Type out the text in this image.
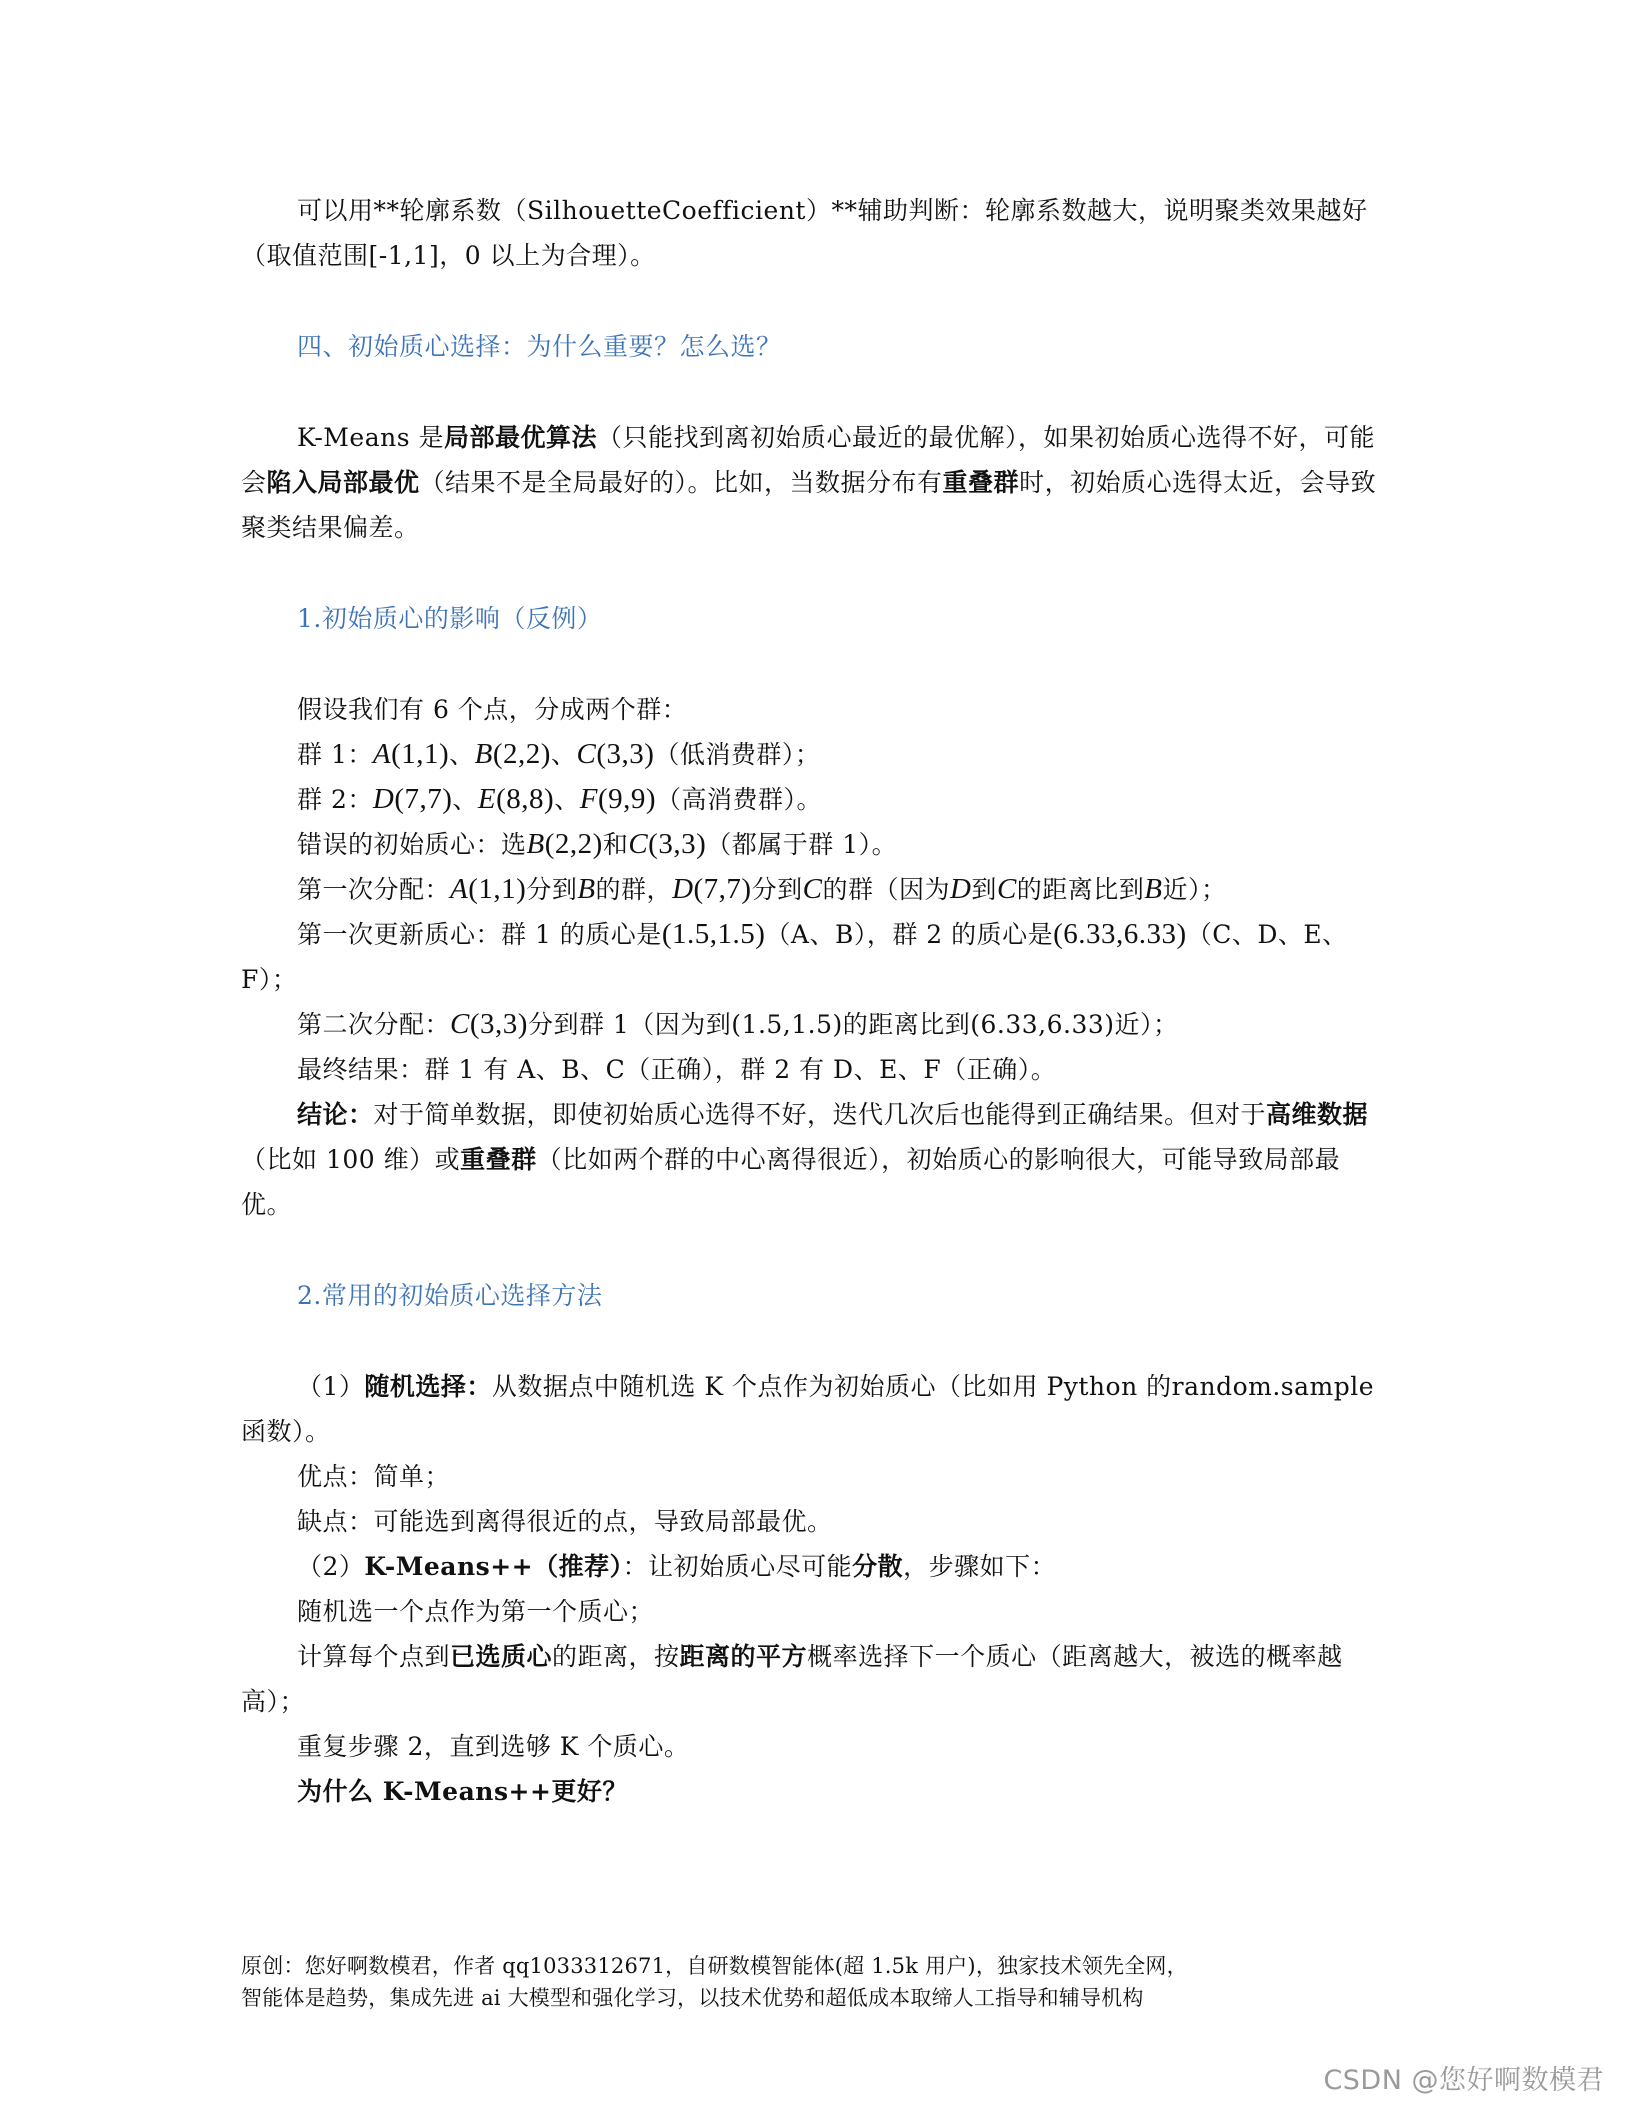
可以用**轮廓系数（SilhouetteCoefficient）**辅助判断：轮廓系数越大，说明聚类效果越好（取值范围[-1,1]，0 以上为合理）。

四、初始质心选择：为什么重要？怎么选？

K-Means 是局部最优算法（只能找到离初始质心最近的最优解），如果初始质心选得不好，可能会陷入局部最优（结果不是全局最好的）。比如，当数据分布有重叠群时，初始质心选得太近，会导致聚类结果偏差。

1.初始质心的影响（反例）

假设我们有 6 个点，分成两个群：

群 1：A(1,1)、B(2,2)、C(3,3)（低消费群）；

群 2：D(7,7)、E(8,8)、F(9,9)（高消费群）。

错误的初始质心：选B(2,2)和C(3,3)（都属于群 1）。

第一次分配：A(1,1)分到B的群，D(7,7)分到C的群（因为D到C的距离比到B近）；

第一次更新质心：群 1 的质心是(1.5,1.5)（A、B），群 2 的质心是(6.33,6.33)（C、D、E、F）；

第二次分配：C(3,3)分到群 1（因为到(1.5,1.5)的距离比到(6.33,6.33)近）；

最终结果：群 1 有 A、B、C（正确），群 2 有 D、E、F（正确）。

结论：对于简单数据，即使初始质心选得不好，迭代几次后也能得到正确结果。但对于高维数据（比如 100 维）或重叠群（比如两个群的中心离得很近），初始质心的影响很大，可能导致局部最优。

2.常用的初始质心选择方法

（1）随机选择：从数据点中随机选 K 个点作为初始质心（比如用 Python 的random.sample 函数）。

优点：简单；

缺点：可能选到离得很近的点，导致局部最优。

（2）K-Means++（推荐）：让初始质心尽可能分散，步骤如下：

随机选一个点作为第一个质心；

计算每个点到已选质心的距离，按距离的平方概率选择下一个质心（距离越大，被选的概率越高）；

重复步骤 2，直到选够 K 个质心。

为什么 K-Means++更好？

原创：您好啊数模君，作者 qq1033312671，自研数模智能体(超 1.5k 用户)，独家技术领先全网，

智能体是趋势，集成先进 ai 大模型和强化学习，以技术优势和超低成本取缔人工指导和辅导机构

CSDN @您好啊数模君
